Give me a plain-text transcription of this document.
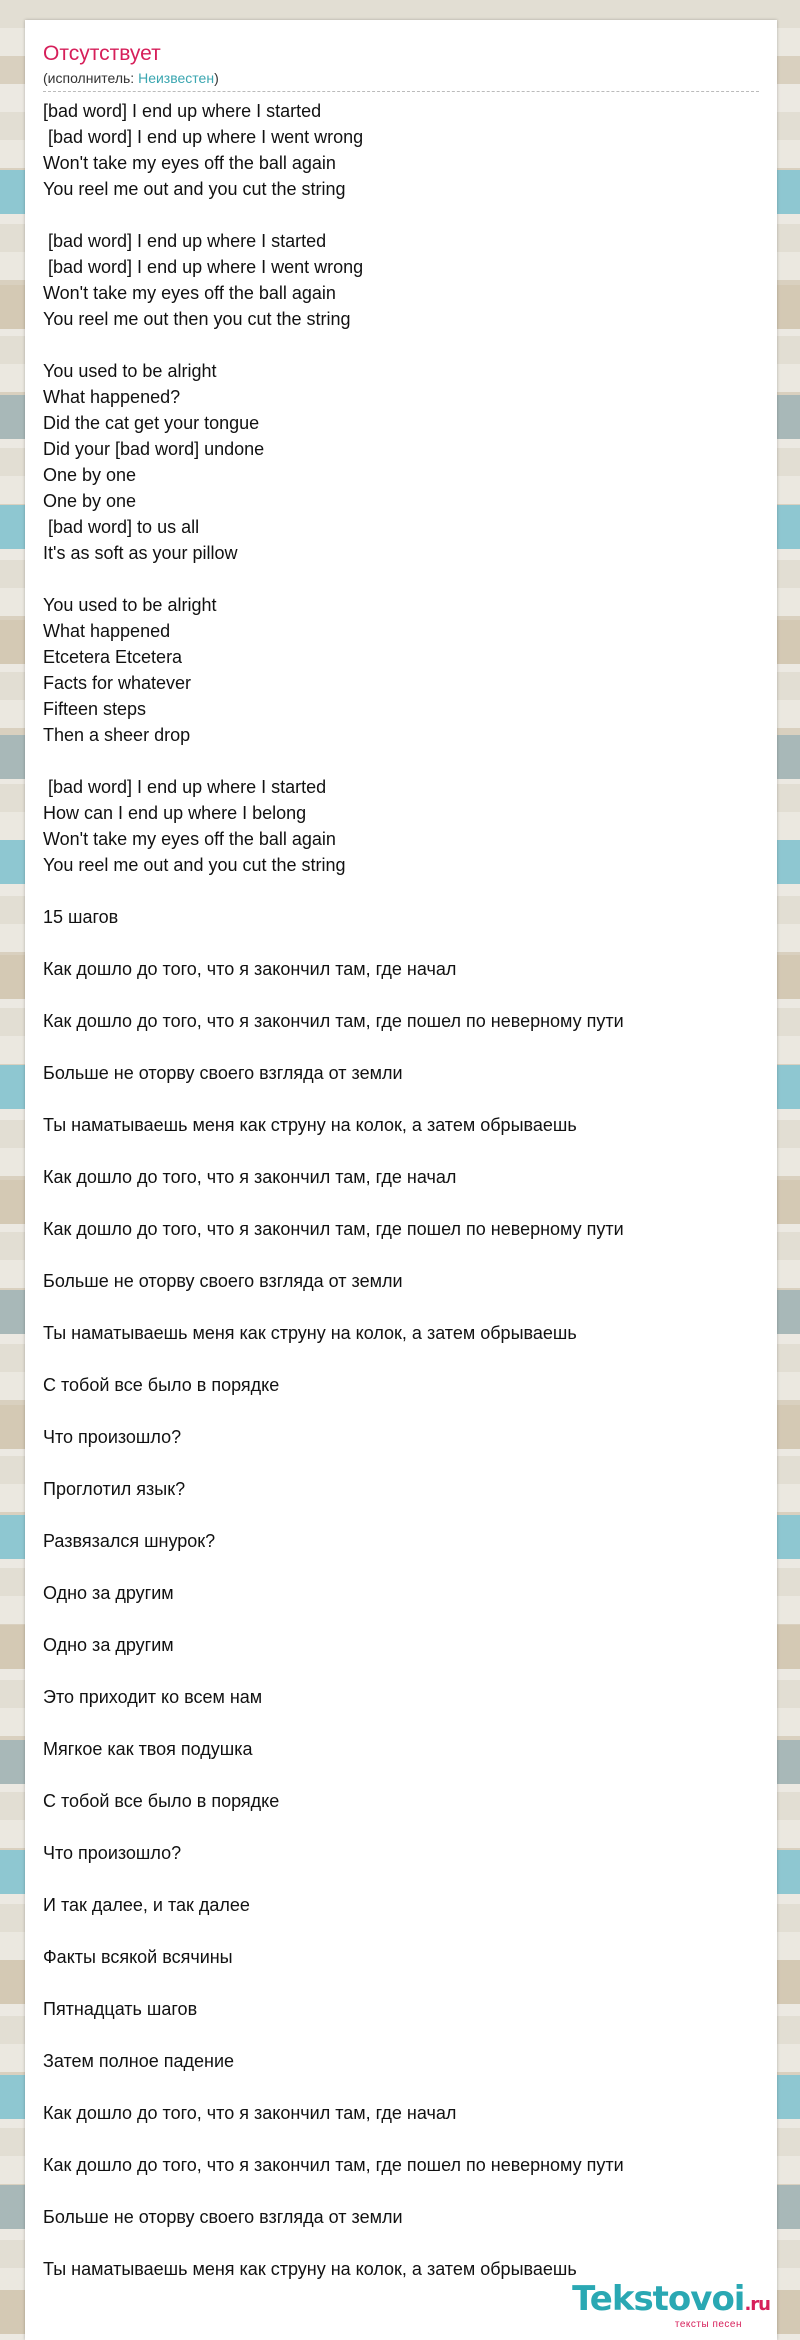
Отсутствует
(исполнитель: Неизвестен)
[bad word] I end up where I started
[bad word] I end up where I went wrong
Won't take my eyes off the ball again
You reel me out and you cut the string
[bad word] I end up where I started
[bad word] I end up where I went wrong
Won't take my eyes off the ball again
You reel me out then you cut the string
You used to be alright
What happened?
Did the cat get your tongue
Did your [bad word] undone
One by one
One by one
[bad word] to us all
It's as soft as your pillow
You used to be alright
What happened
Etcetera Etcetera
Facts for whatever
Fifteen steps
Then a sheer drop
[bad word] I end up where I started
How can I end up where I belong
Won't take my eyes off the ball again
You reel me out and you cut the string
15 шагов
Как дошло до того, что я закончил там, где начал
Как дошло до того, что я закончил там, где пошел по неверному пути
Больше не оторву своего взгляда от земли
Ты наматываешь меня как струну на колок, а затем обрываешь
Как дошло до того, что я закончил там, где начал
Как дошло до того, что я закончил там, где пошел по неверному пути
Больше не оторву своего взгляда от земли
Ты наматываешь меня как струну на колок, а затем обрываешь
С тобой все было в порядке
Что произошло?
Проглотил язык?
Развязался шнурок?
Одно за другим
Одно за другим
Это приходит ко всем нам
Мягкое как твоя подушка
С тобой все было в порядке
Что произошло?
И так далее, и так далее
Факты всякой всячины
Пятнадцать шагов
Затем полное падение
Как дошло до того, что я закончил там, где начал
Как дошло до того, что я закончил там, где пошел по неверному пути
Больше не оторву своего взгляда от земли
Ты наматываешь меня как струну на колок, а затем обрываешь
Tekstovoi.ru
тексты песен
